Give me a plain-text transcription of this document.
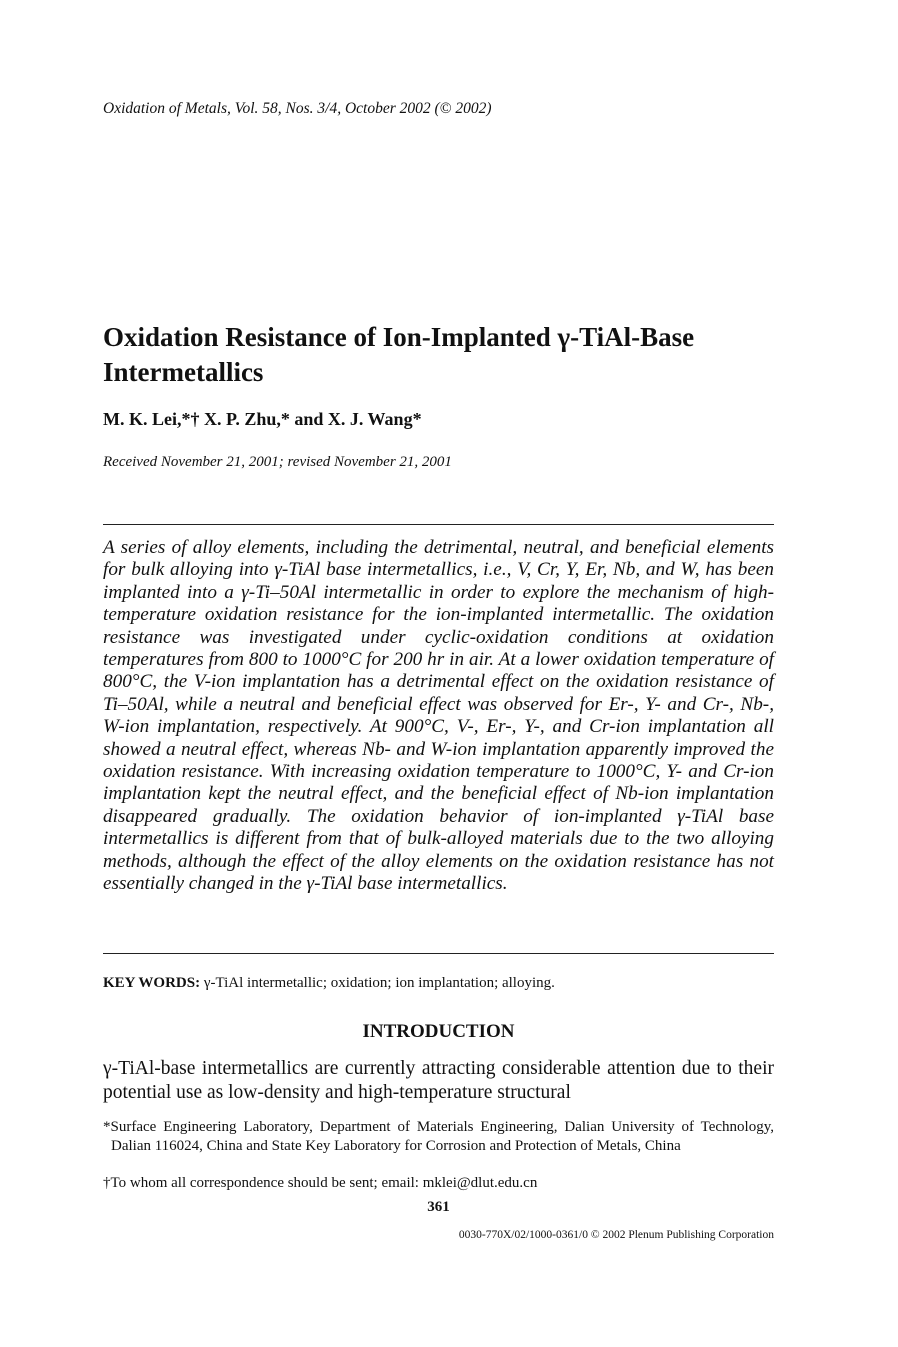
Oxidation of Metals, Vol. 58, Nos. 3/4, October 2002 (© 2002)
Oxidation Resistance of Ion-Implanted γ-TiAl-Base Intermetallics
M. K. Lei,*† X. P. Zhu,* and X. J. Wang*
Received November 21, 2001; revised November 21, 2001

A series of alloy elements, including the detrimental, neutral, and beneficial elements for bulk alloying into γ-TiAl base intermetallics, i.e., V, Cr, Y, Er, Nb, and W, has been implanted into a γ-Ti–50Al intermetallic in order to explore the mechanism of high-temperature oxidation resistance for the ion-implanted intermetallic. The oxidation resistance was investigated under cyclic-oxidation conditions at oxidation temperatures from 800 to 1000°C for 200 hr in air. At a lower oxidation temperature of 800°C, the V-ion implantation has a detrimental effect on the oxidation resistance of Ti–50Al, while a neutral and beneficial effect was observed for Er-, Y- and Cr-, Nb-, W-ion implantation, respectively. At 900°C, V-, Er-, Y-, and Cr-ion implantation all showed a neutral effect, whereas Nb- and W-ion implantation apparently improved the oxidation resistance. With increasing oxidation temperature to 1000°C, Y- and Cr-ion implantation kept the neutral effect, and the beneficial effect of Nb-ion implantation disappeared gradually. The oxidation behavior of ion-implanted γ-TiAl base intermetallics is different from that of bulk-alloyed materials due to the two alloying methods, although the effect of the alloy elements on the oxidation resistance has not essentially changed in the γ-TiAl base intermetallics.

KEY WORDS: γ-TiAl intermetallic; oxidation; ion implantation; alloying.
INTRODUCTION

γ-TiAl-base intermetallics are currently attracting considerable attention due to their potential use as low-density and high-temperature structural

*Surface Engineering Laboratory, Department of Materials Engineering, Dalian University of Technology, Dalian 116024, China and State Key Laboratory for Corrosion and Protection of Metals, China

†To whom all correspondence should be sent; email: mklei@dlut.edu.cn
361
0030-770X/02/1000-0361/0 © 2002 Plenum Publishing Corporation
